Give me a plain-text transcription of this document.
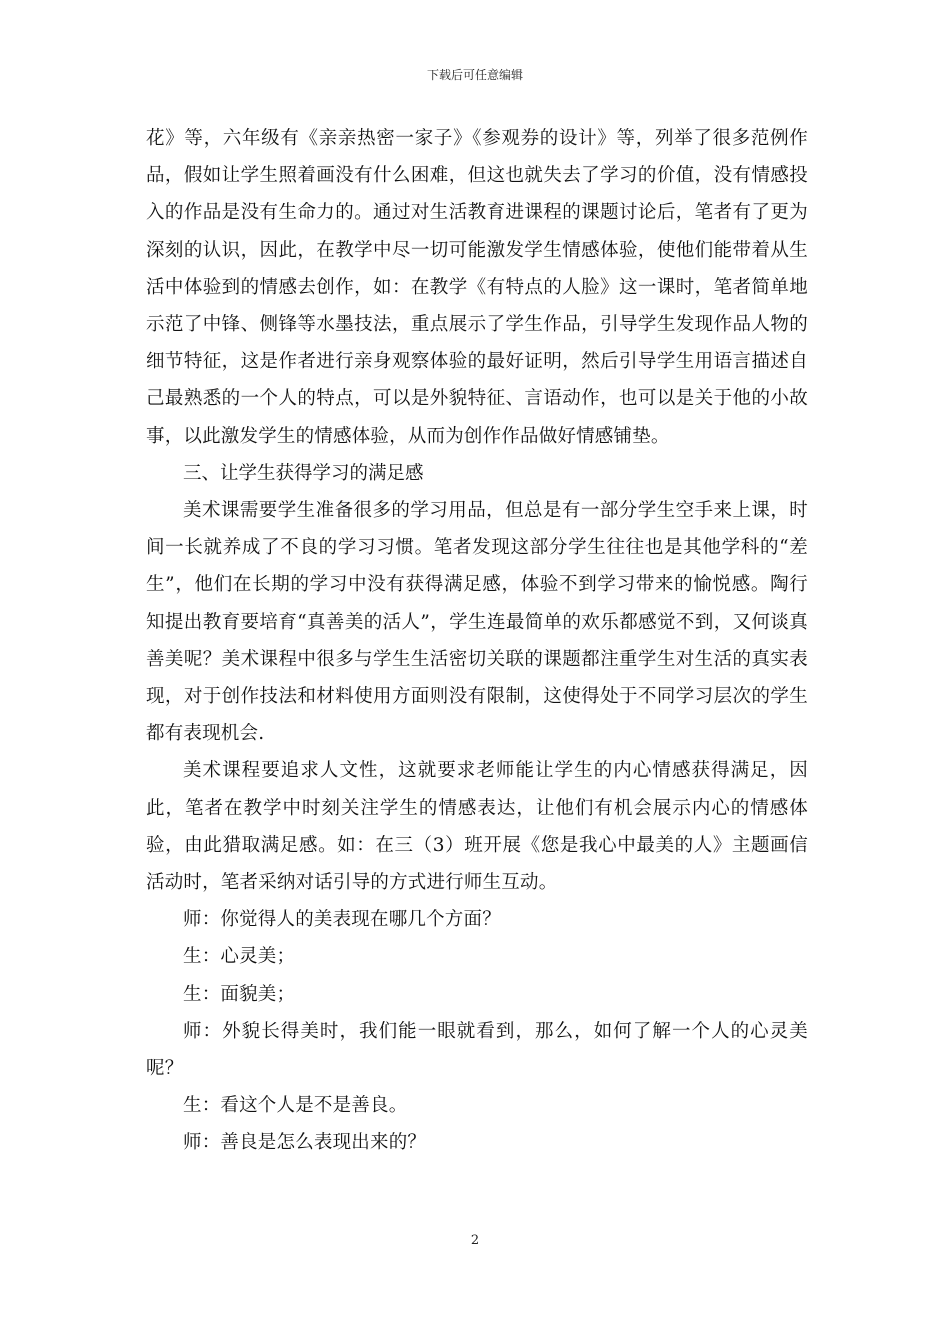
下载后可任意编辑

花》等，六年级有《亲亲热密一家子》《参观券的设计》等，列举了很多范例作品，假如让学生照着画没有什么困难，但这也就失去了学习的价值，没有情感投入的作品是没有生命力的。通过对生活教育进课程的课题讨论后，笔者有了更为深刻的认识，因此，在教学中尽一切可能激发学生情感体验，使他们能带着从生活中体验到的情感去创作，如：在教学《有特点的人脸》这一课时，笔者简单地示范了中锋、侧锋等水墨技法，重点展示了学生作品，引导学生发现作品人物的细节特征，这是作者进行亲身观察体验的最好证明，然后引导学生用语言描述自己最熟悉的一个人的特点，可以是外貌特征、言语动作，也可以是关于他的小故事，以此激发学生的情感体验，从而为创作作品做好情感铺垫。

三、让学生获得学习的满足感

美术课需要学生准备很多的学习用品，但总是有一部分学生空手来上课，时间一长就养成了不良的学习习惯。笔者发现这部分学生往往也是其他学科的“差生”，他们在长期的学习中没有获得满足感，体验不到学习带来的愉悦感。陶行知提出教育要培育“真善美的活人”，学生连最简单的欢乐都感觉不到，又何谈真善美呢？美术课程中很多与学生生活密切关联的课题都注重学生对生活的真实表现，对于创作技法和材料使用方面则没有限制，这使得处于不同学习层次的学生都有表现机会.

美术课程要追求人文性，这就要求老师能让学生的内心情感获得满足，因此，笔者在教学中时刻关注学生的情感表达，让他们有机会展示内心的情感体验，由此猎取满足感。如：在三（3）班开展《您是我心中最美的人》主题画信活动时，笔者采纳对话引导的方式进行师生互动。

师：你觉得人的美表现在哪几个方面？

生：心灵美；

生：面貌美；

师：外貌长得美时，我们能一眼就看到，那么，如何了解一个人的心灵美呢？

生：看这个人是不是善良。

师：善良是怎么表现出来的？

2
